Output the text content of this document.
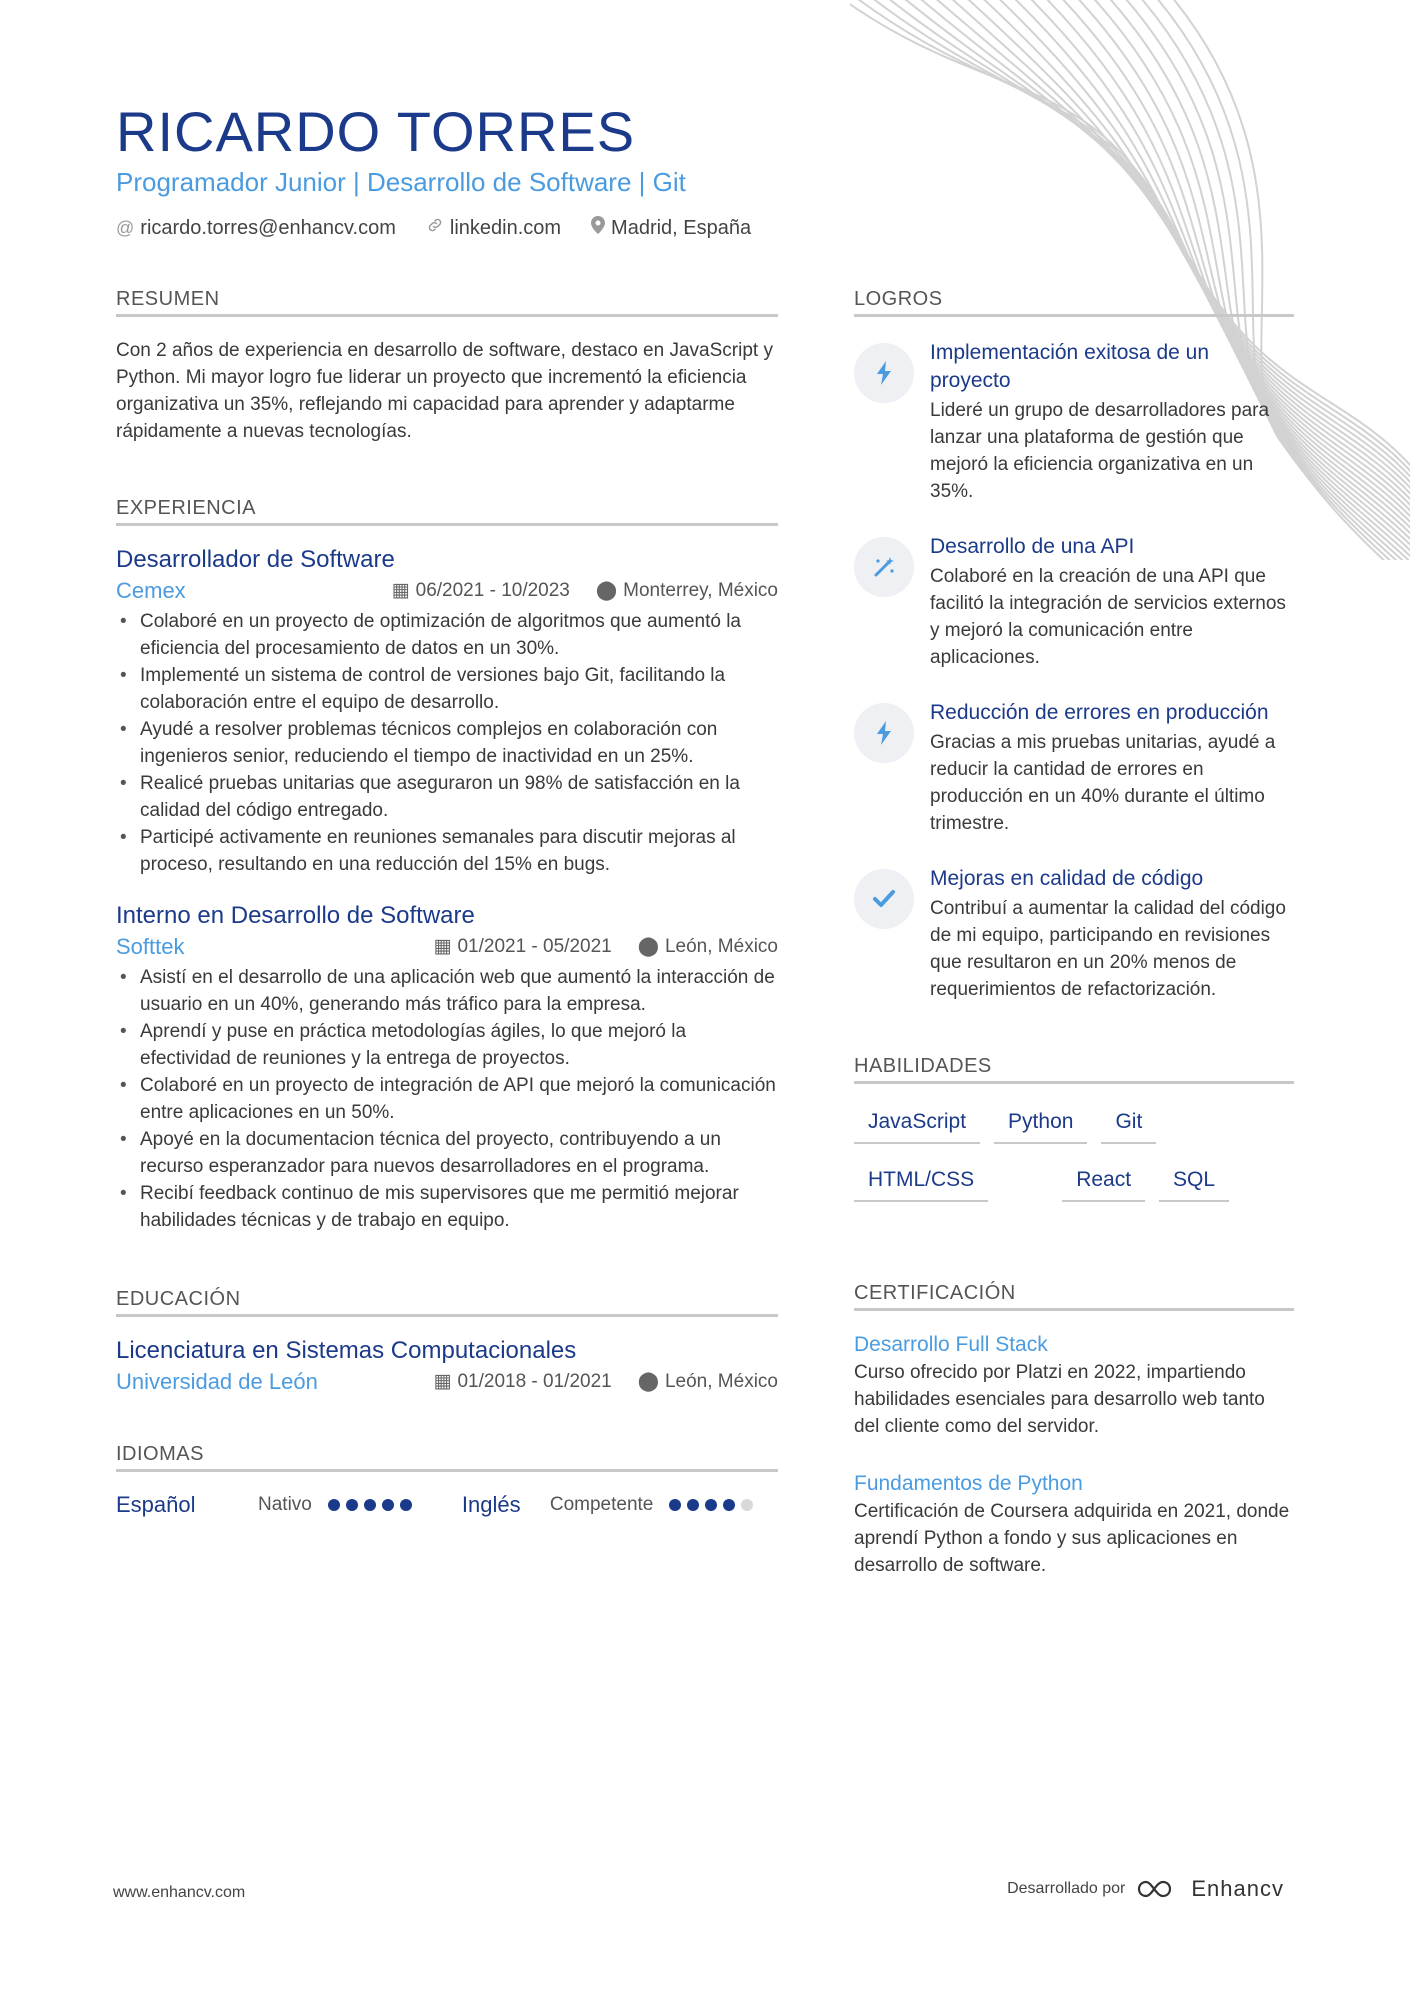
RICARDO TORRES
Programador Junior | Desarrollo de Software | Git
@ ricardo.torres@enhancv.com	linkedin.com	Madrid, España
RESUMEN

Con 2 años de experiencia en desarrollo de software, destaco en JavaScript y Python. Mi mayor logro fue liderar un proyecto que incrementó la eficiencia organizativa un 35%, reflejando mi capacidad para aprender y adaptarme rápidamente a nuevas tecnologías.

EXPERIENCIA
Desarrollador de Software
Cemex	▦ 06/2021 - 10/2023 ⬤ Monterrey, México
• Colaboré en un proyecto de optimización de algoritmos que aumentó la eficiencia del procesamiento de datos en un 30%.
• Implementé un sistema de control de versiones bajo Git, facilitando la colaboración entre el equipo de desarrollo.
• Ayudé a resolver problemas técnicos complejos en colaboración con ingenieros senior, reduciendo el tiempo de inactividad en un 25%.
• Realicé pruebas unitarias que aseguraron un 98% de satisfacción en la calidad del código entregado.
• Participé activamente en reuniones semanales para discutir mejoras al proceso, resultando en una reducción del 15% en bugs.
Interno en Desarrollo de Software
Softtek	▦ 01/2021 - 05/2021 ⬤ León, México
• Asistí en el desarrollo de una aplicación web que aumentó la interacción de usuario en un 40%, generando más tráfico para la empresa.
• Aprendí y puse en práctica metodologías ágiles, lo que mejoró la efectividad de reuniones y la entrega de proyectos.
• Colaboré en un proyecto de integración de API que mejoró la comunicación entre aplicaciones en un 50%.
• Apoyé en la documentacion técnica del proyecto, contribuyendo a un recurso esperanzador para nuevos desarrolladores en el programa.
• Recibí feedback continuo de mis supervisores que me permitió mejorar habilidades técnicas y de trabajo en equipo.
EDUCACIÓN
Licenciatura en Sistemas Computacionales
Universidad de León	▦ 01/2018 - 01/2021 ⬤ León, México
IDIOMAS
Español	Nativo	Inglés	Competente
LOGROS
Implementación exitosa de un proyecto
Lideré un grupo de desarrolladores para lanzar una plataforma de gestión que mejoró la eficiencia organizativa en un 35%.
Desarrollo de una API
Colaboré en la creación de una API que facilitó la integración de servicios externos y mejoró la comunicación entre aplicaciones.
Reducción de errores en producción
Gracias a mis pruebas unitarias, ayudé a reducir la cantidad de errores en producción en un 40% durante el último trimestre.
Mejoras en calidad de código
Contribuí a aumentar la calidad del código de mi equipo, participando en revisiones que resultaron en un 20% menos de requerimientos de refactorización.
HABILIDADES
JavaScript	Python	Git
HTML/CSS	React	SQL
CERTIFICACIÓN
Desarrollo Full Stack
Curso ofrecido por Platzi en 2022, impartiendo habilidades esenciales para desarrollo web tanto del cliente como del servidor.
Fundamentos de Python
Certificación de Coursera adquirida en 2021, donde aprendí Python a fondo y sus aplicaciones en desarrollo de software.
www.enhancv.com	Desarrollado por	Enhancv
